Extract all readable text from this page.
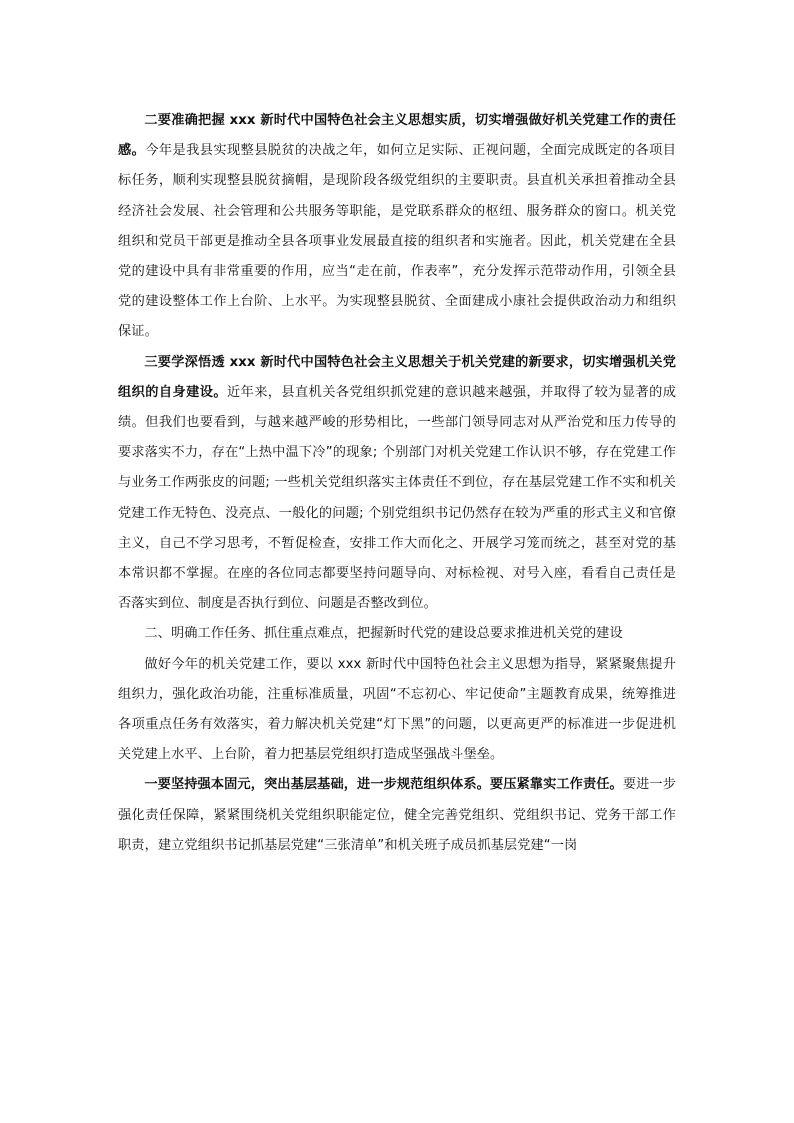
二要准确把握 xxx 新时代中国特色社会主义思想实质，切实增强做好机关党建工作的责任感。今年是我县实现整县脱贫的决战之年，如何立足实际、正视问题，全面完成既定的各项目标任务，顺利实现整县脱贫摘帽，是现阶段各级党组织的主要职责。县直机关承担着推动全县经济社会发展、社会管理和公共服务等职能，是党联系群众的枢纽、服务群众的窗口。机关党组织和党员干部更是推动全县各项事业发展最直接的组织者和实施者。因此，机关党建在全县党的建设中具有非常重要的作用，应当“走在前，作表率”，充分发挥示范带动作用，引领全县党的建设整体工作上台阶、上水平。为实现整县脱贫、全面建成小康社会提供政治动力和组织保证。

三要学深悟透 xxx 新时代中国特色社会主义思想关于机关党建的新要求，切实增强机关党组织的自身建设。近年来，县直机关各党组织抓党建的意识越来越强，并取得了较为显著的成绩。但我们也要看到，与越来越严峻的形势相比，一些部门领导同志对从严治党和压力传导的要求落实不力，存在“上热中温下冷”的现象; 个别部门对机关党建工作认识不够，存在党建工作与业务工作两张皮的问题; 一些机关党组织落实主体责任不到位，存在基层党建工作不实和机关党建工作无特色、没亮点、一般化的问题; 个别党组织书记仍然存在较为严重的形式主义和官僚主义，自己不学习思考，不暂促检查，安排工作大而化之、开展学习笼而统之，甚至对党的基本常识都不掌握。在座的各位同志都要坚持问题导向、对标检视、对号入座，看看自己责任是否落实到位、制度是否执行到位、问题是否整改到位。

二、明确工作任务、抓住重点难点，把握新时代党的建设总要求推进机关党的建设

做好今年的机关党建工作，要以 xxx 新时代中国特色社会主义思想为指导，紧紧聚焦提升组织力，强化政治功能，注重标准质量，巩固“不忘初心、牢记使命”主题教育成果，统筹推进各项重点任务有效落实，着力解决机关党建“灯下黑”的问题，以更高更严的标准进一步促进机关党建上水平、上台阶，着力把基层党组织打造成坚强战斗堡垒。

一要坚持强本固元，突出基层基础，进一步规范组织体系。要压紧靠实工作责任。要进一步强化责任保障，紧紧围绕机关党组织职能定位，健全完善党组织、党组织书记、党务干部工作职责，建立党组织书记抓基层党建“三张清单”和机关班子成员抓基层党建“一岗
